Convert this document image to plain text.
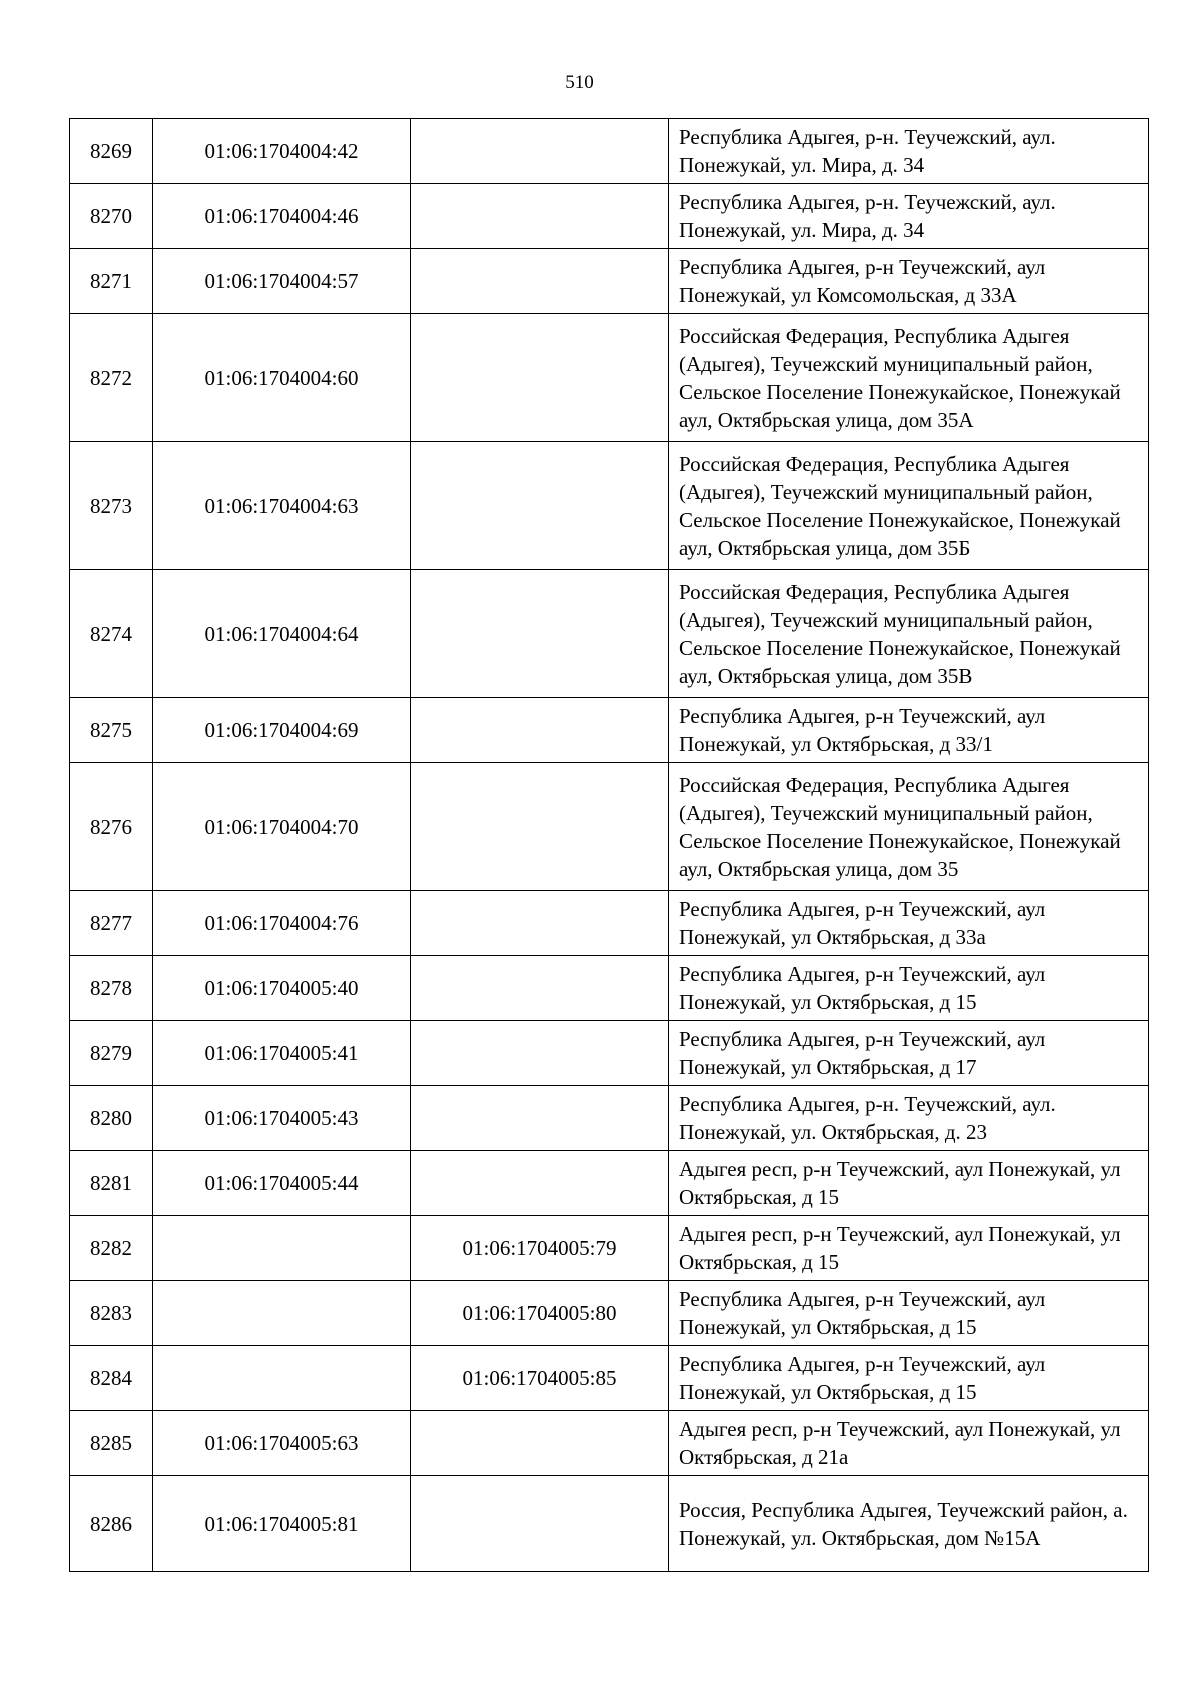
510
8269	01:06:1704004:42		Республика Адыгея, р-н. Теучежский, аул. Понежукай, ул. Мира, д. 34
8270	01:06:1704004:46		Республика Адыгея, р-н. Теучежский, аул. Понежукай, ул. Мира, д. 34
8271	01:06:1704004:57		Республика Адыгея, р-н Теучежский, аул Понежукай, ул Комсомольская, д 33А
8272	01:06:1704004:60		Российская Федерация, Республика Адыгея (Адыгея), Теучежский муниципальный район, Сельское Поселение Понежукайское, Понежукай аул, Октябрьская улица, дом 35А
8273	01:06:1704004:63		Российская Федерация, Республика Адыгея (Адыгея), Теучежский муниципальный район, Сельское Поселение Понежукайское, Понежукай аул, Октябрьская улица, дом 35Б
8274	01:06:1704004:64		Российская Федерация, Республика Адыгея (Адыгея), Теучежский муниципальный район, Сельское Поселение Понежукайское, Понежукай аул, Октябрьская улица, дом 35В
8275	01:06:1704004:69		Республика Адыгея, р-н Теучежский, аул Понежукай, ул Октябрьская, д 33/1
8276	01:06:1704004:70		Российская Федерация, Республика Адыгея (Адыгея), Теучежский муниципальный район, Сельское Поселение Понежукайское, Понежукай аул, Октябрьская улица, дом 35
8277	01:06:1704004:76		Республика Адыгея, р-н Теучежский, аул Понежукай, ул Октябрьская, д 33а
8278	01:06:1704005:40		Республика Адыгея, р-н Теучежский, аул Понежукай, ул Октябрьская, д 15
8279	01:06:1704005:41		Республика Адыгея, р-н Теучежский, аул Понежукай, ул Октябрьская, д 17
8280	01:06:1704005:43		Республика Адыгея, р-н. Теучежский, аул. Понежукай, ул. Октябрьская, д. 23
8281	01:06:1704005:44		Адыгея респ, р-н Теучежский, аул Понежукай, ул Октябрьская, д 15
8282		01:06:1704005:79	Адыгея респ, р-н Теучежский, аул Понежукай, ул Октябрьская, д 15
8283		01:06:1704005:80	Республика Адыгея, р-н Теучежский, аул Понежукай, ул Октябрьская, д 15
8284		01:06:1704005:85	Республика Адыгея, р-н Теучежский, аул Понежукай, ул Октябрьская, д 15
8285	01:06:1704005:63		Адыгея респ, р-н Теучежский, аул Понежукай, ул Октябрьская, д 21а
8286	01:06:1704005:81		Россия, Республика Адыгея, Теучежский район, а. Понежукай, ул. Октябрьская, дом №15А
